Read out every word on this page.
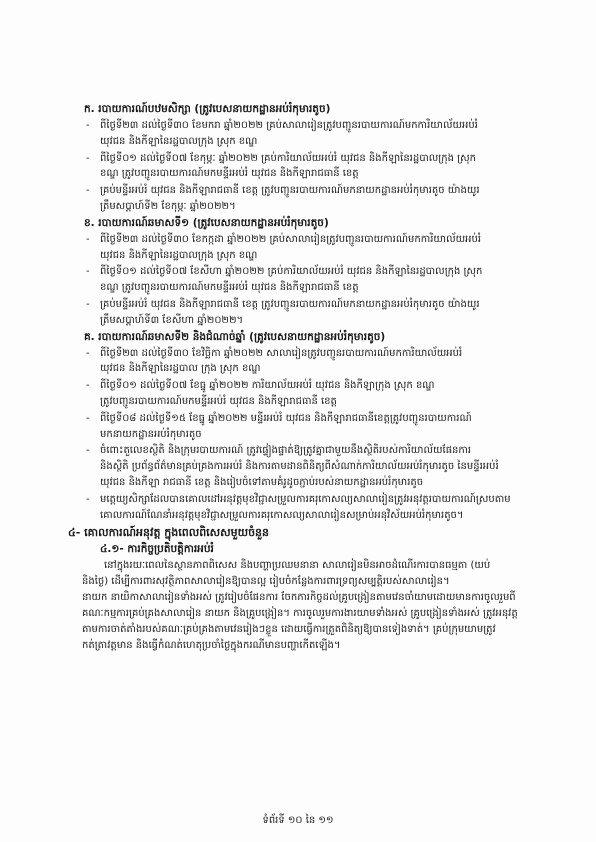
ក. របាយការណ៍បឋមសិក្សា (ត្រូវបេសនាយកដ្ឋានអប់រំកុមារតូច)
- ពីថ្ងៃទី២៣ ដល់ថ្ងៃទី៣០ ខែមករា ឆ្នាំ២០២២ គ្រប់សាលារៀនត្រូវបញ្ជូនរបាយការណ៍មកការិយាល័យអប់រំ
យុវជន និងកីឡានៃរដ្ឋបាលក្រុង ស្រុក ខណ្ឌ
- ពីថ្ងៃទី០១ ដល់ថ្ងៃទី០៧ ខែកុម្ភៈ ឆ្នាំ២០២២ គ្រប់ការិយាល័យអប់រំ យុវជន និងកីឡានៃរដ្ឋបាលក្រុង ស្រុក
ខណ្ឌ ត្រូវបញ្ជូនរបាយការណ៍មកមន្ទីរអប់រំ យុវជន និងកីឡារាជធានី ខេត្ត
- គ្រប់មន្ទីរអប់រំ យុវជន និងកីឡារាជធានី ខេត្ត ត្រូវបញ្ជូនរបាយការណ៍មកនាយកដ្ឋានអប់រំកុមារតូច យ៉ាងយូរ
ត្រឹមសប្តាហ៍ទី២ ខែកុម្ភៈ ឆ្នាំ២០២២។
ខ. របាយការណ៍ឆមាសទី១ (ត្រូវបេសនាយកដ្ឋានអប់រំកុមារតូច)
- ពីថ្ងៃទី២៣ ដល់ថ្ងៃទី៣០ ខែកក្កដា ឆ្នាំ២០២២ គ្រប់សាលារៀនត្រូវបញ្ជូនរបាយការណ៍មកការិយាល័យអប់រំ
យុវជន និងកីឡានៃរដ្ឋបាលក្រុង ស្រុក ខណ្ឌ
- ពីថ្ងៃទី០១ ដល់ថ្ងៃទី០៧ ខែសីហា ឆ្នាំ២០២២ គ្រប់ការិយាល័យអប់រំ យុវជន និងកីឡានៃរដ្ឋបាលក្រុង ស្រុក
ខណ្ឌ ត្រូវបញ្ជូនរបាយការណ៍មកមន្ទីរអប់រំ យុវជន និងកីឡារាជធានី ខេត្ត
- គ្រប់មន្ទីរអប់រំ យុវជន និងកីឡារាជធានី ខេត្ត ត្រូវបញ្ជូនរបាយការណ៍មកនាយកដ្ឋានអប់រំកុមារតូច យ៉ាងយូរ
ត្រឹមសប្តាហ៍ទី៣ ខែសីហា ឆ្នាំ២០២២។
គ. របាយការណ៍ឆមាសទី២ និងជំណាច់ឆ្នាំ (ត្រូវបេសនាយកដ្ឋានអប់រំកុមារតូច)
- ពីថ្ងៃទី២៣ ដល់ថ្ងៃទី៣០ ខែវិច្ឆិកា ឆ្នាំ២០២២ សាលារៀនត្រូវបញ្ជូនរបាយការណ៍មកការិយាល័យអប់រំ
យុវជន និងកីឡានៃរដ្ឋបាល ក្រុង ស្រុក ខណ្ឌ
- ពីថ្ងៃទី០១ ដល់ថ្ងៃទី០៧ ខែធ្នូ ឆ្នាំ២០២២ ការិយាល័យអប់រំ យុវជន និងកីឡាក្រុង ស្រុក ខណ្ឌ
ត្រូវបញ្ជូនរបាយការណ៍មកមន្ទីរអប់រំ យុវជន និងកីឡារាជធានី ខេត្ត
- ពីថ្ងៃទី០៨ ដល់ថ្ងៃទី១៥ ខែធ្នូ ឆ្នាំ២០២២ មន្ទីរអប់រំ យុវជន និងកីឡារាជធានីខេត្តត្រូវបញ្ជូនរបាយការណ៍
មកនាយកដ្ឋានអប់រំកុមារតូច
- ចំពោះតួលេខស្ថិតិ និងក្រុមរបាយការណ៍ ត្រូវផ្ទៀងផ្ទាត់ឱ្យត្រូវគ្នាជាមួយនឹងស្ថិតិរបស់ការិយាល័យផែនការ
និងស្ថិតិ ប្រព័ន្ធព័ត៌មានគ្រប់គ្រងការអប់រំ និងការតាមដានពិនិត្យពីសំណាក់ការិយាល័យអប់រំកុមារតូច នៃមន្ទីរអប់រំ
យុវជន និងកីឡា រាជធានី ខេត្ត និងរៀបចំទៅតាមគំរូដូចភ្ជាប់របស់នាយកដ្ឋានអប់រំកុមារតូច
- មត្តេយ្យសិក្សាដែលបានគោលដៅអនុវត្តមុខវិជ្ជាសម្រួលការគរុកោសល្យសាលារៀនត្រូវអនុវត្តរបាយការណ៍ស្របតាម
គោលការណ៍ណែនាំអនុវត្តមុខវិជ្ជាសម្រួលការគរុកោសល្យសាលារៀនសម្រាប់អនុវិស័យអប់រំកុមារតូច។
៤- គោលការណ៍អនុវត្ត ក្នុងពេលពិសេសមួយចំនួន
៤.១- ការកិច្ចប្រតិបត្តិការអប់រំ
នៅក្នុងរយៈពេលនៃស្ថានភាពពិសេស និងបញ្ហាប្រឈមនានា សាលារៀនមិនអាចដំណើរការបានធម្មតា (យប់
និងថ្ងៃ) ដើម្បីការពារសុវត្ថិភាពសាលារៀនឱ្យបានល្អ រៀបចំកន្លែងការពារទ្រព្យសម្បត្តិរបស់សាលារៀន។
នាយក នាយិកាសាលារៀនទាំងអស់ ត្រូវរៀបចំផែនការ ចែកភារកិច្ចដល់គ្រូបង្រៀនតាមវេនចាំយាមដោយមានការចូលរួមពី
គណៈកម្មការគ្រប់គ្រងសាលារៀន នាយក និងគ្រូបង្រៀន។ ការចូលរួមការងារយាមទាំងអស់ គ្រូបង្រៀនទាំងអស់ ត្រូវអនុវត្ត
តាមការចាត់តាំងរបស់គណៈគ្រប់គ្រងតាមវេនរៀងៗខ្លួន ដោយធ្វើការត្រួតពិនិត្យឱ្យបានទៀងទាត់។ គ្រប់ក្រុមយាមត្រូវ
កត់ត្រាវត្តមាន និងធ្វើកំណត់ហេតុប្រចាំថ្ងៃក្នុងករណីមានបញ្ហាកើតឡើង។
ទំព័រទី ១០ នៃ ១១
